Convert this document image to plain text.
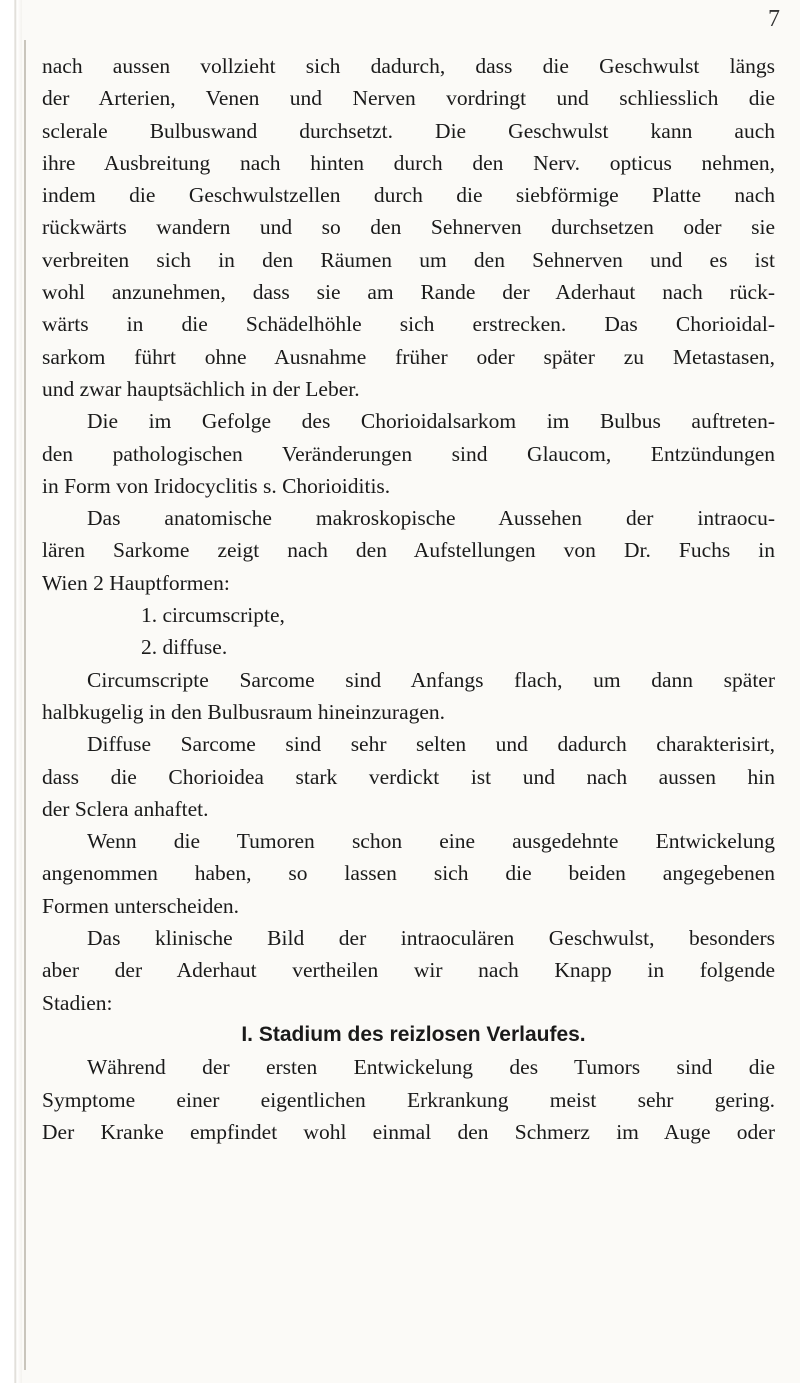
7
nach aussen vollzieht sich dadurch, dass die Geschwulst längs
der Arterien, Venen und Nerven vordringt und schliesslich die
sclerale Bulbuswand durchsetzt. Die Geschwulst kann auch
ihre Ausbreitung nach hinten durch den Nerv. opticus nehmen,
indem die Geschwulstzellen durch die siebförmige Platte nach
rückwärts wandern und so den Sehnerven durchsetzen oder sie
verbreiten sich in den Räumen um den Sehnerven und es ist
wohl anzunehmen, dass sie am Rande der Aderhaut nach rück-
wärts in die Schädelhöhle sich erstrecken. Das Chorioidal-
sarkom führt ohne Ausnahme früher oder später zu Metastasen,
und zwar hauptsächlich in der Leber.
Die im Gefolge des Chorioidalsarkom im Bulbus auftreten-
den pathologischen Veränderungen sind Glaucom, Entzündungen
in Form von Iridocyclitis s. Chorioiditis.
Das anatomische makroskopische Aussehen der intraocu-
lären Sarkome zeigt nach den Aufstellungen von Dr. Fuchs in
Wien 2 Hauptformen:
1. circumscripte,
2. diffuse.
Circumscripte Sarcome sind Anfangs flach, um dann später
halbkugelig in den Bulbusraum hineinzuragen.
Diffuse Sarcome sind sehr selten und dadurch charakterisirt,
dass die Chorioidea stark verdickt ist und nach aussen hin
der Sclera anhaftet.
Wenn die Tumoren schon eine ausgedehnte Entwickelung
angenommen haben, so lassen sich die beiden angegebenen
Formen unterscheiden.
Das klinische Bild der intraoculären Geschwulst, besonders
aber der Aderhaut vertheilen wir nach Knapp in folgende
Stadien:
I. Stadium des reizlosen Verlaufes.
Während der ersten Entwickelung des Tumors sind die
Symptome einer eigentlichen Erkrankung meist sehr gering.
Der Kranke empfindet wohl einmal den Schmerz im Auge oder
